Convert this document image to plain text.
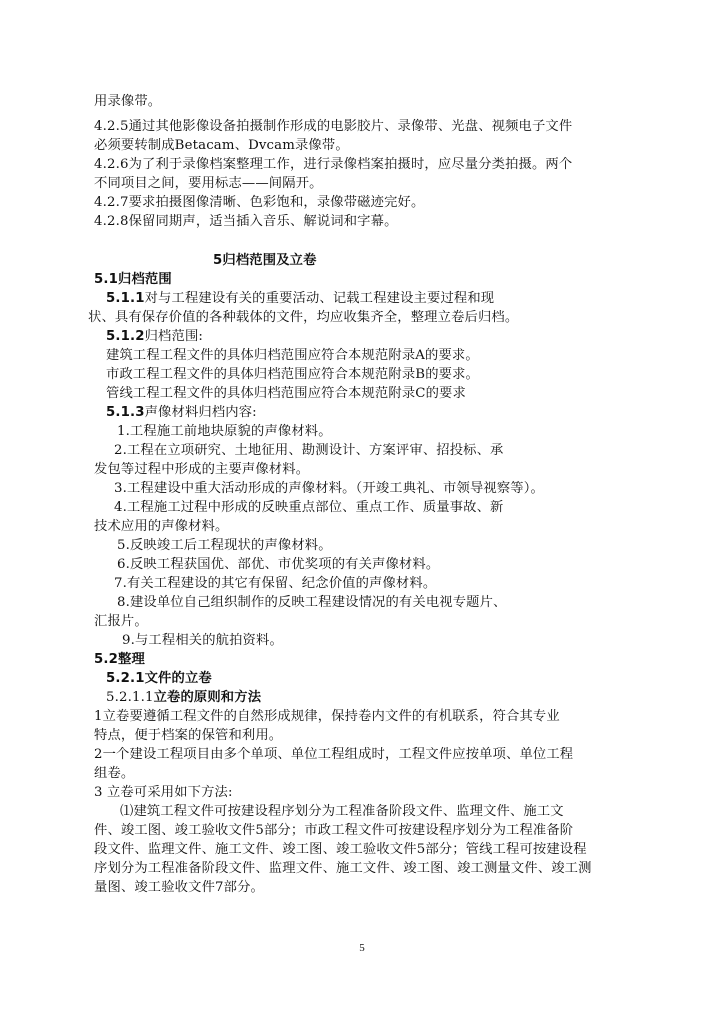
用录像带。
4.2.5通过其他影像设备拍摄制作形成的电影胶片、录像带、光盘、视频电子文件
必须要转制成Betacam、Dvcam录像带。
4.2.6为了利于录像档案整理工作，进行录像档案拍摄时，应尽量分类拍摄。两个
不同项目之间，要用标志——间隔开。
4.2.7要求拍摄图像清晰、色彩饱和，录像带磁迹完好。
4.2.8保留同期声，适当插入音乐、解说词和字幕。
5归档范围及立卷
5.1归档范围
5.1.1对与工程建设有关的重要活动、记载工程建设主要过程和现
状、具有保存价值的各种载体的文件，均应收集齐全，整理立卷后归档。
5.1.2归档范围:
建筑工程工程文件的具体归档范围应符合本规范附录A的要求。
市政工程工程文件的具体归档范围应符合本规范附录B的要求。
管线工程工程文件的具体归档范围应符合本规范附录C的要求
5.1.3声像材料归档内容:
1.工程施工前地块原貌的声像材料。
2.工程在立项研究、土地征用、勘测设计、方案评审、招投标、承
发包等过程中形成的主要声像材料。
3.工程建设中重大活动形成的声像材料。（开竣工典礼、市领导视察等）。
4.工程施工过程中形成的反映重点部位、重点工作、质量事故、新
技术应用的声像材料。
5.反映竣工后工程现状的声像材料。
6.反映工程获国优、部优、市优奖项的有关声像材料。
7.有关工程建设的其它有保留、纪念价值的声像材料。
8.建设单位自己组织制作的反映工程建设情况的有关电视专题片、
汇报片。
9.与工程相关的航拍资料。
5.2整理
5.2.1文件的立卷
5.2.1.1立卷的原则和方法
1立卷要遵循工程文件的自然形成规律，保持卷内文件的有机联系，符合其专业
特点，便于档案的保管和利用。
2一个建设工程项目由多个单项、单位工程组成时，工程文件应按单项、单位工程
组卷。
3 立卷可采用如下方法:
⑴建筑工程文件可按建设程序划分为工程准备阶段文件、监理文件、施工文
件、竣工图、竣工验收文件5部分；市政工程文件可按建设程序划分为工程准备阶
段文件、监理文件、施工文件、竣工图、竣工验收文件5部分；管线工程可按建设程
序划分为工程准备阶段文件、监理文件、施工文件、竣工图、竣工测量文件、竣工测
量图、竣工验收文件7部分。
5
